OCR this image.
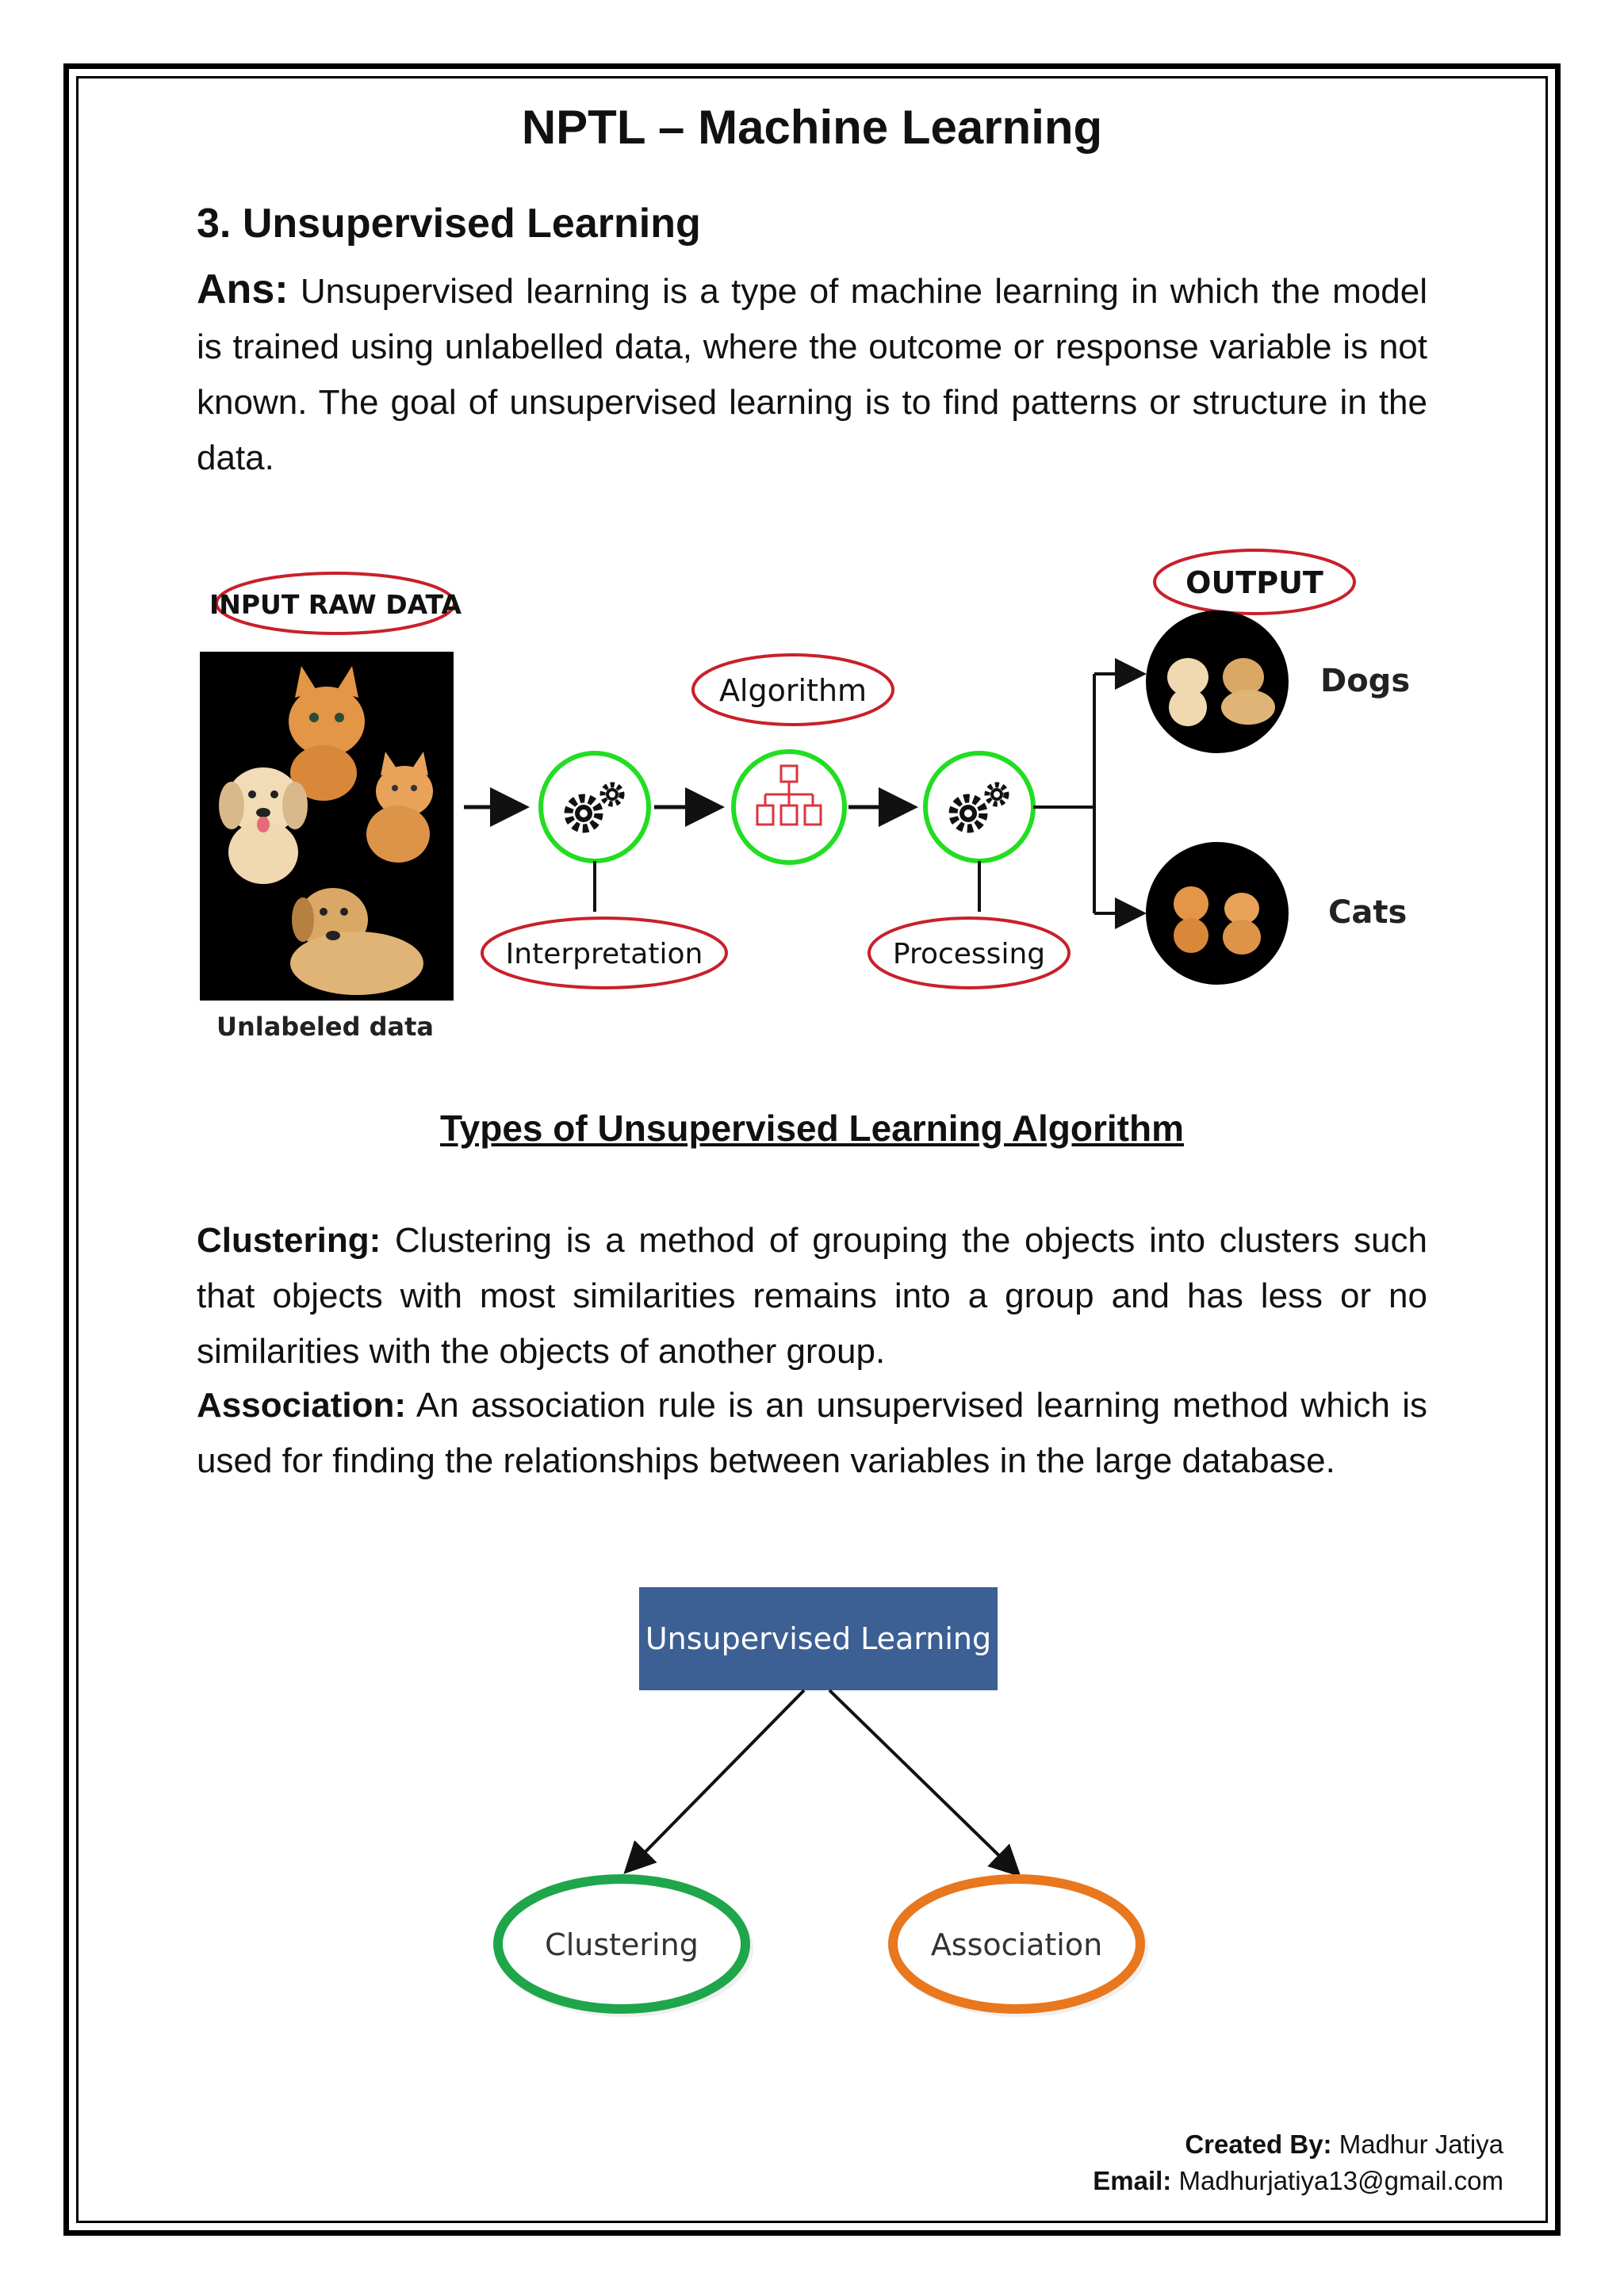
NPTL – Machine Learning
3. Unsupervised Learning

Ans: Unsupervised learning is a type of machine learning in which the model is trained using unlabelled data, where the outcome or response variable is not known. The goal of unsupervised learning is to find patterns or structure in the data.

INPUT RAW DATA
Unlabeled data
Interpretation
Algorithm
Processing
OUTPUT
Dogs
Cats
Types of Unsupervised Learning Algorithm

Clustering: Clustering is a method of grouping the objects into clusters such that objects with most similarities remains into a group and has less or no similarities with the objects of another group.

Association: An association rule is an unsupervised learning method which is used for finding the relationships between variables in the large database.

Unsupervised Learning
Clustering	Association
Created By: Madhur Jatiya
Email: Madhurjatiya13@gmail.com
